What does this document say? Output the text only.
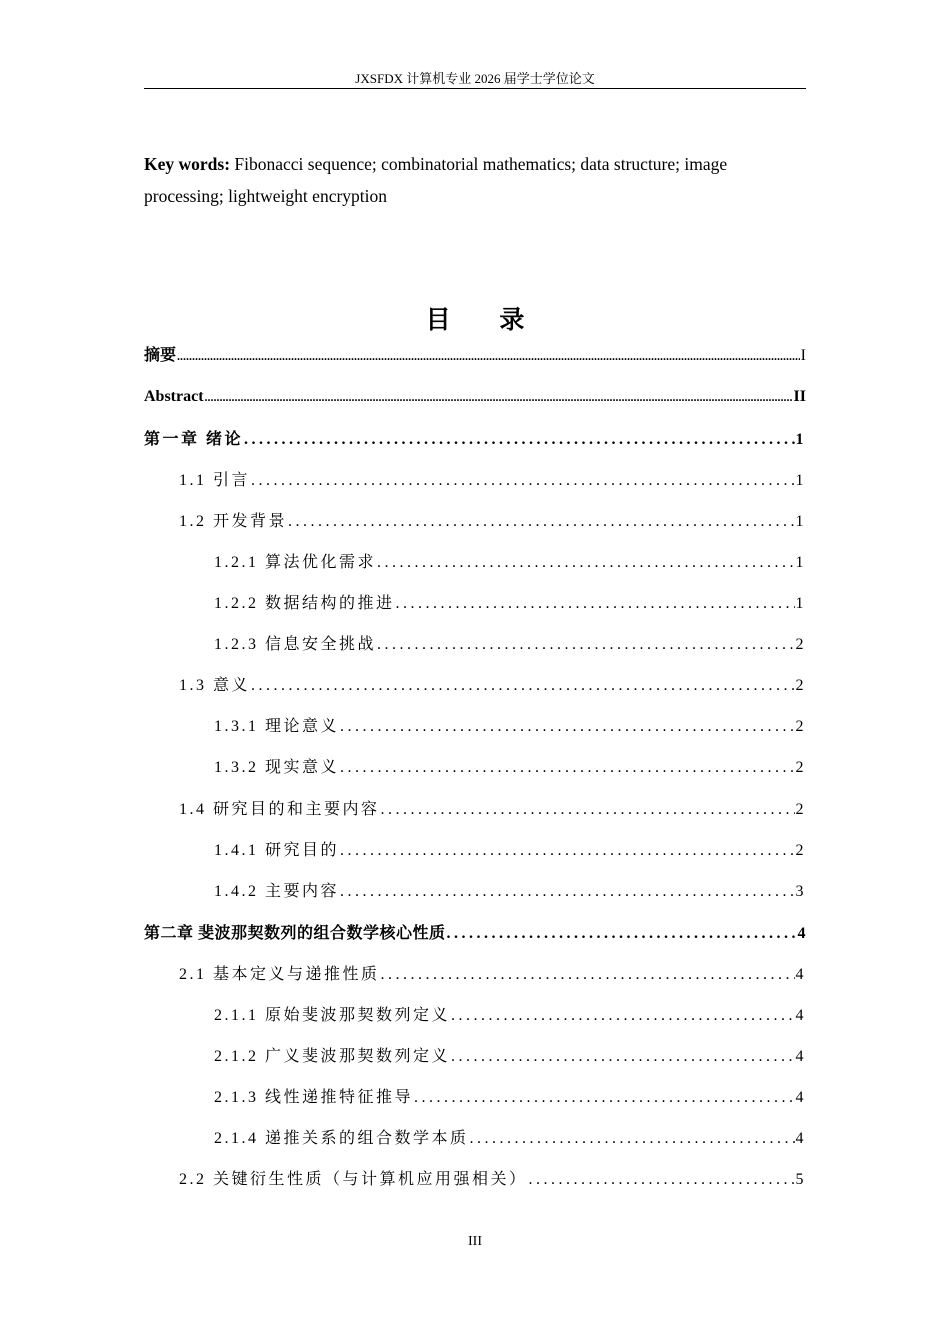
JXSFDX 计算机专业 2026 届学士学位论文
Key words: Fibonacci sequence; combinatorial mathematics; data structure; image processing; lightweight encryption
目 录
摘要 .....	I
Abstract .....	II
第一章 绪论 .....	1
1.1 引言 .....	1
1.2 开发背景 .....	1
1.2.1 算法优化需求 .....	1
1.2.2 数据结构的推进 .....	1
1.2.3 信息安全挑战 .....	2
1.3 意义 .....	2
1.3.1 理论意义 .....	2
1.3.2 现实意义 .....	2
1.4 研究目的和主要内容 .....	2
1.4.1 研究目的 .....	2
1.4.2 主要内容 .....	3
第二章 斐波那契数列的组合数学核心性质 .....	4
2.1 基本定义与递推性质 .....	4
2.1.1 原始斐波那契数列定义 .....	4
2.1.2 广义斐波那契数列定义 .....	4
2.1.3 线性递推特征推导 .....	4
2.1.4 递推关系的组合数学本质 .....	4
2.2 关键衍生性质（与计算机应用强相关） .....	5
III
